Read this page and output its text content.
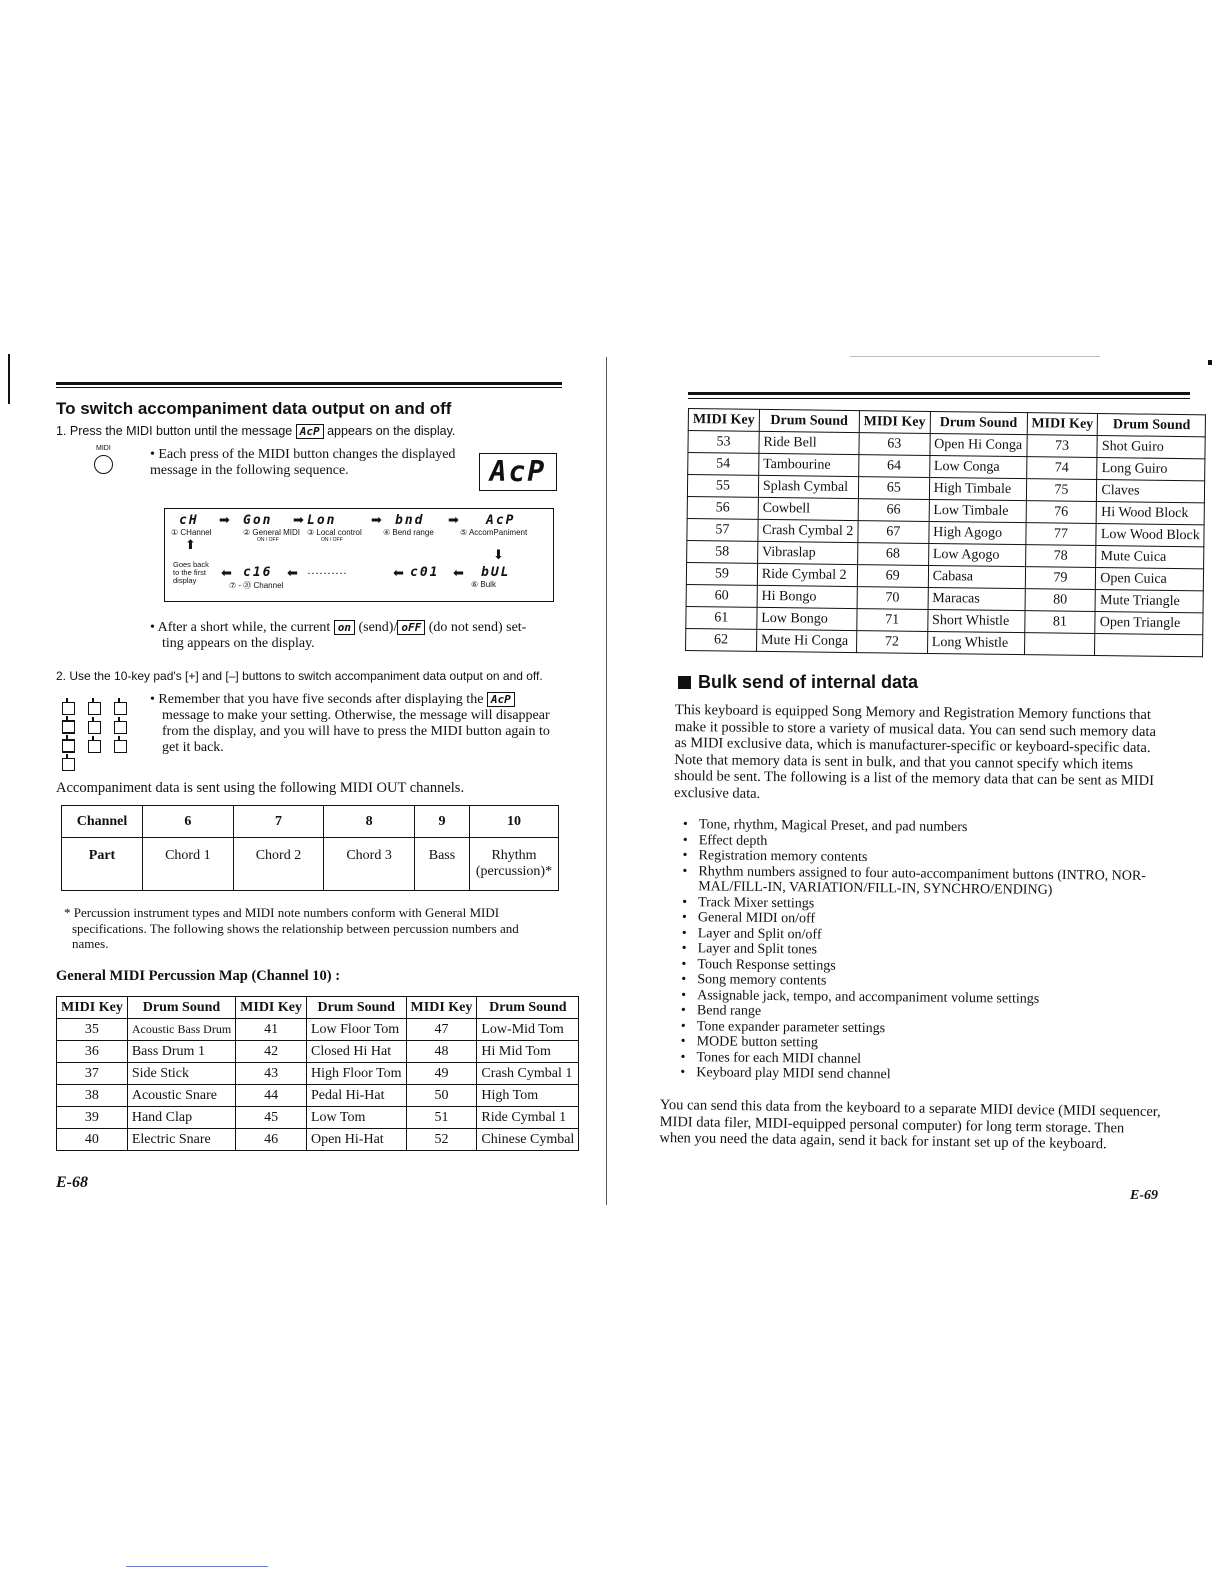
To switch accompaniment data output on and off
1. Press the MIDI button until the message AcP appears on the display.
MIDI	• Each press of the MIDI button changes the displayed message in the following sequence.	AcP
cH
① CHannel
➡ Gon
② General MIDI
ON / OFF
➡ Lon
③ Local control
ON / OFF
➡	bnd
④ Bend range
➡	AcP
⑤ AccomPaniment
⬆
⬇
Goes back to the first display	⬅ c16
⑦ - ⑳ Channel
⬅ ··········	⬅ c01 ⬅	bUL
⑥ Bulk
• After a short while, the current on (send)/ oFF (do not send) set-
ting appears on the display.
2. Use the 10-key pad's [+] and [–] buttons to switch accompaniment data output on and off.
• Remember that you have five seconds after displaying the AcP
message to make your setting. Otherwise, the message will disappear
from the display, and you will have to press the MIDI button again to
get it back.
Accompaniment data is sent using the following MIDI OUT channels.
Channel	6	7	8	9	10
Part	Chord 1	Chord 2	Chord 3	Bass	Rhythm
(percussion)*
* Percussion instrument types and MIDI note numbers conform with General MIDI specifications. The following shows the relationship between percussion numbers and names.
General MIDI Percussion Map (Channel 10) :
MIDI Key	Drum Sound	MIDI Key	Drum Sound	MIDI Key	Drum Sound
35	Acoustic Bass Drum	41	Low Floor Tom	47	Low-Mid Tom
36	Bass Drum 1	42	Closed Hi Hat	48	Hi Mid Tom
37	Side Stick	43	High Floor Tom	49	Crash Cymbal 1
38	Acoustic Snare	44	Pedal Hi-Hat	50	High Tom
39	Hand Clap	45	Low Tom	51	Ride Cymbal 1
40	Electric Snare	46	Open Hi-Hat	52	Chinese Cymbal
E-68
MIDI Key	Drum Sound	MIDI Key	Drum Sound	MIDI Key	Drum Sound
53	Ride Bell	63	Open Hi Conga	73	Shot Guiro
54	Tambourine	64	Low Conga	74	Long Guiro
55	Splash Cymbal	65	High Timbale	75	Claves
56	Cowbell	66	Low Timbale	76	Hi Wood Block
57	Crash Cymbal 2	67	High Agogo	77	Low Wood Block
58	Vibraslap	68	Low Agogo	78	Mute Cuica
59	Ride Cymbal 2	69	Cabasa	79	Open Cuica
60	Hi Bongo	70	Maracas	80	Mute Triangle
61	Low Bongo	71	Short Whistle	81	Open Triangle
62	Mute Hi Conga	72	Long Whistle		
Bulk send of internal data
This keyboard is equipped Song Memory and Registration Memory functions that
make it possible to store a variety of musical data. You can send such memory data
as MIDI exclusive data, which is manufacturer-specific or keyboard-specific data.
Note that memory data is sent in bulk, and that you cannot specify which items
should be sent. The following is a list of the memory data that can be sent as MIDI
exclusive data.
• Tone, rhythm, Magical Preset, and pad numbers
• Effect depth
• Registration memory contents
• Rhythm numbers assigned to four auto-accompaniment buttons (INTRO, NOR-MAL/FILL-IN, VARIATION/FILL-IN, SYNCHRO/ENDING)
• Track Mixer settings
• General MIDI on/off
• Layer and Split on/off
• Layer and Split tones
• Touch Response settings
• Song memory contents
• Assignable jack, tempo, and accompaniment volume settings
• Bend range
• Tone expander parameter settings
• MODE button setting
• Tones for each MIDI channel
• Keyboard play MIDI send channel
You can send this data from the keyboard to a separate MIDI device (MIDI sequencer,
MIDI data filer, MIDI-equipped personal computer) for long term storage. Then
when you need the data again, send it back for instant set up of the keyboard.
E-69
